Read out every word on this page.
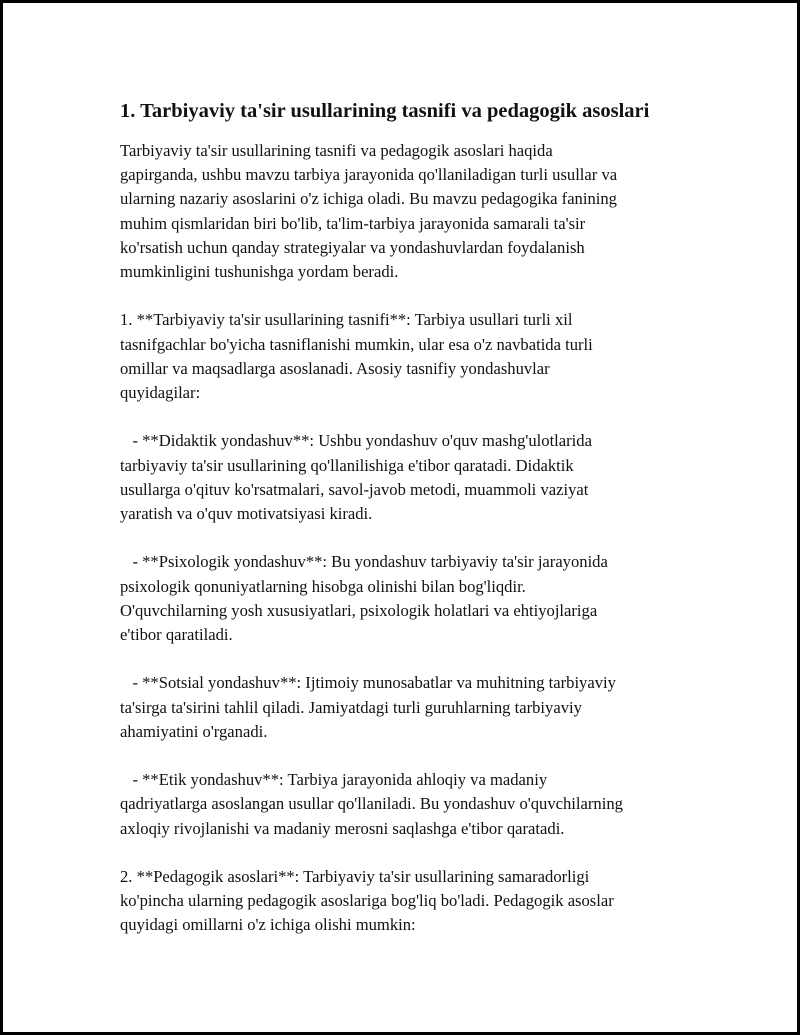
1. Tarbiyaviy ta'sir usullarining tasnifi va pedagogik asoslari

Tarbiyaviy ta'sir usullarining tasnifi va pedagogik asoslari haqida
gapirganda, ushbu mavzu tarbiya jarayonida qo'llaniladigan turli usullar va
ularning nazariy asoslarini o'z ichiga oladi. Bu mavzu pedagogika fanining
muhim qismlaridan biri bo'lib, ta'lim-tarbiya jarayonida samarali ta'sir
ko'rsatish uchun qanday strategiyalar va yondashuvlardan foydalanish
mumkinligini tushunishga yordam beradi.

1. **Tarbiyaviy ta'sir usullarining tasnifi**: Tarbiya usullari turli xil
tasnifgachlar bo'yicha tasniflanishi mumkin, ular esa o'z navbatida turli
omillar va maqsadlarga asoslanadi. Asosiy tasnifiy yondashuvlar
quyidagilar:

- **Didaktik yondashuv**: Ushbu yondashuv o'quv mashg'ulotlarida
tarbiyaviy ta'sir usullarining qo'llanilishiga e'tibor qaratadi. Didaktik
usullarga o'qituv ko'rsatmalari, savol-javob metodi, muammoli vaziyat
yaratish va o'quv motivatsiyasi kiradi.

- **Psixologik yondashuv**: Bu yondashuv tarbiyaviy ta'sir jarayonida
psixologik qonuniyatlarning hisobga olinishi bilan bog'liqdir.
O'quvchilarning yosh xususiyatlari, psixologik holatlari va ehtiyojlariga
e'tibor qaratiladi.

- **Sotsial yondashuv**: Ijtimoiy munosabatlar va muhitning tarbiyaviy
ta'sirga ta'sirini tahlil qiladi. Jamiyatdagi turli guruhlarning tarbiyaviy
ahamiyatini o'rganadi.

- **Etik yondashuv**: Tarbiya jarayonida ahloqiy va madaniy
qadriyatlarga asoslangan usullar qo'llaniladi. Bu yondashuv o'quvchilarning
axloqiy rivojlanishi va madaniy merosni saqlashga e'tibor qaratadi.

2. **Pedagogik asoslari**: Tarbiyaviy ta'sir usullarining samaradorligi
ko'pincha ularning pedagogik asoslariga bog'liq bo'ladi. Pedagogik asoslar
quyidagi omillarni o'z ichiga olishi mumkin:
